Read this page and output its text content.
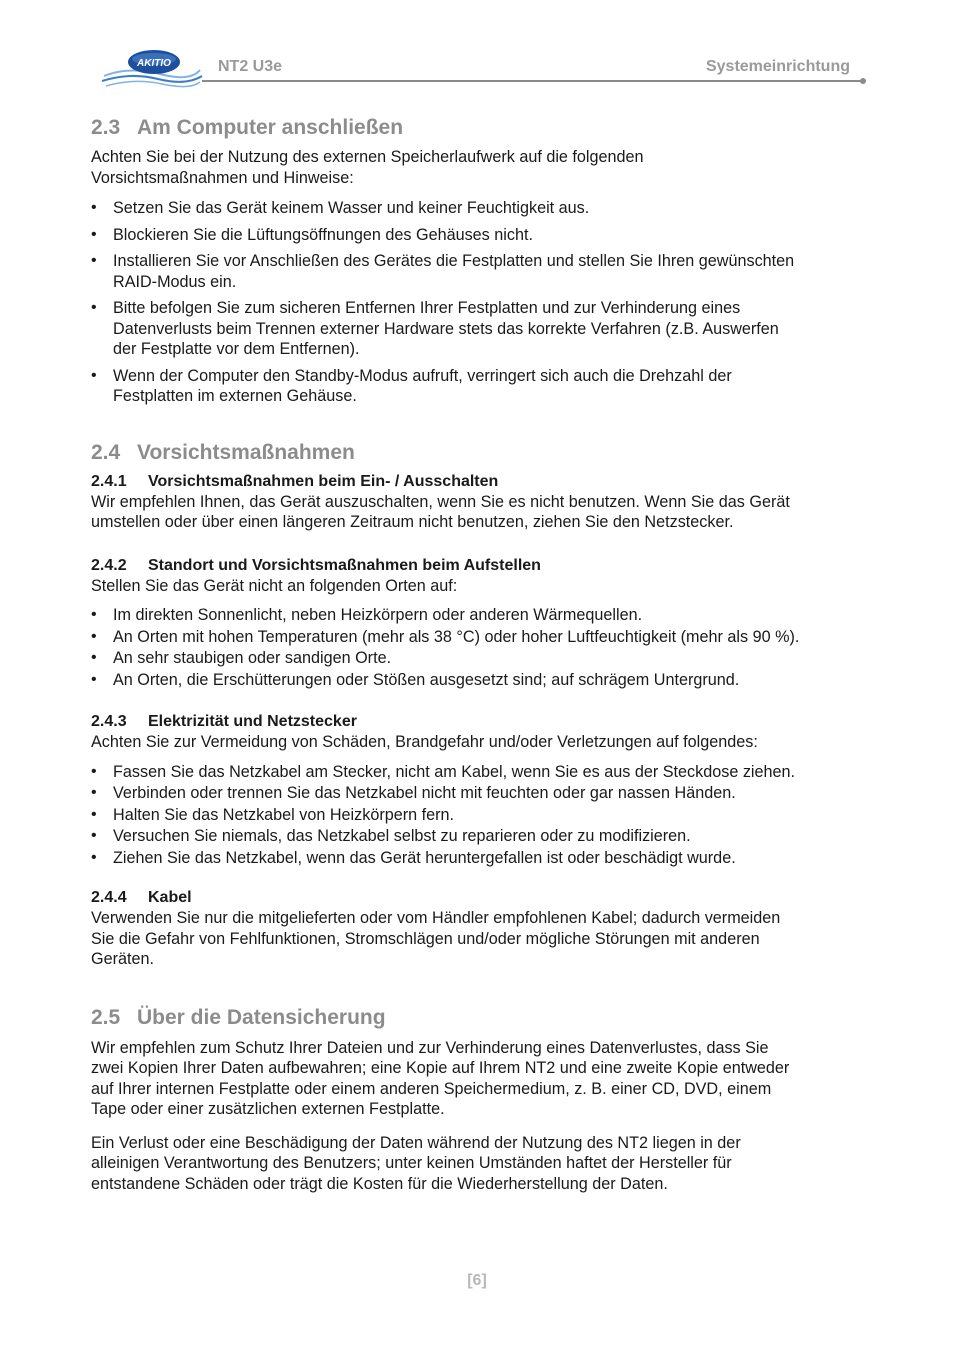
AKITIO	NT2 U3e	Systemeinrichtung
2.3 Am Computer anschließen

Achten Sie bei der Nutzung des externen Speicherlaufwerk auf die folgenden
Vorsichtsmaßnahmen und Hinweise:

• Setzen Sie das Gerät keinem Wasser und keiner Feuchtigkeit aus.
• Blockieren Sie die Lüftungsöffnungen des Gehäuses nicht.
• Installieren Sie vor Anschließen des Gerätes die Festplatten und stellen Sie Ihren gewünschten
RAID-Modus ein.
• Bitte befolgen Sie zum sicheren Entfernen Ihrer Festplatten und zur Verhinderung eines
Datenverlusts beim Trennen externer Hardware stets das korrekte Verfahren (z.B. Auswerfen
der Festplatte vor dem Entfernen).
• Wenn der Computer den Standby-Modus aufruft, verringert sich auch die Drehzahl der
Festplatten im externen Gehäuse.
2.4 Vorsichtsmaßnahmen
2.4.1 Vorsichtsmaßnahmen beim Ein- / Ausschalten

Wir empfehlen Ihnen, das Gerät auszuschalten, wenn Sie es nicht benutzen. Wenn Sie das Gerät
umstellen oder über einen längeren Zeitraum nicht benutzen, ziehen Sie den Netzstecker.

2.4.2 Standort und Vorsichtsmaßnahmen beim Aufstellen

Stellen Sie das Gerät nicht an folgenden Orten auf:

• Im direkten Sonnenlicht, neben Heizkörpern oder anderen Wärmequellen.
• An Orten mit hohen Temperaturen (mehr als 38 °C) oder hoher Luftfeuchtigkeit (mehr als 90 %).
• An sehr staubigen oder sandigen Orte.
• An Orten, die Erschütterungen oder Stößen ausgesetzt sind; auf schrägem Untergrund.
2.4.3 Elektrizität und Netzstecker

Achten Sie zur Vermeidung von Schäden, Brandgefahr und/oder Verletzungen auf folgendes:

• Fassen Sie das Netzkabel am Stecker, nicht am Kabel, wenn Sie es aus der Steckdose ziehen.
• Verbinden oder trennen Sie das Netzkabel nicht mit feuchten oder gar nassen Händen.
• Halten Sie das Netzkabel von Heizkörpern fern.
• Versuchen Sie niemals, das Netzkabel selbst zu reparieren oder zu modifizieren.
• Ziehen Sie das Netzkabel, wenn das Gerät heruntergefallen ist oder beschädigt wurde.
2.4.4 Kabel

Verwenden Sie nur die mitgelieferten oder vom Händler empfohlenen Kabel; dadurch vermeiden
Sie die Gefahr von Fehlfunktionen, Stromschlägen und/oder mögliche Störungen mit anderen
Geräten.

2.5 Über die Datensicherung

Wir empfehlen zum Schutz Ihrer Dateien und zur Verhinderung eines Datenverlustes, dass Sie
zwei Kopien Ihrer Daten aufbewahren; eine Kopie auf Ihrem NT2 und eine zweite Kopie entweder
auf Ihrer internen Festplatte oder einem anderen Speichermedium, z. B. einer CD, DVD, einem
Tape oder einer zusätzlichen externen Festplatte.

Ein Verlust oder eine Beschädigung der Daten während der Nutzung des NT2 liegen in der
alleinigen Verantwortung des Benutzers; unter keinen Umständen haftet der Hersteller für
entstandene Schäden oder trägt die Kosten für die Wiederherstellung der Daten.

[6]
